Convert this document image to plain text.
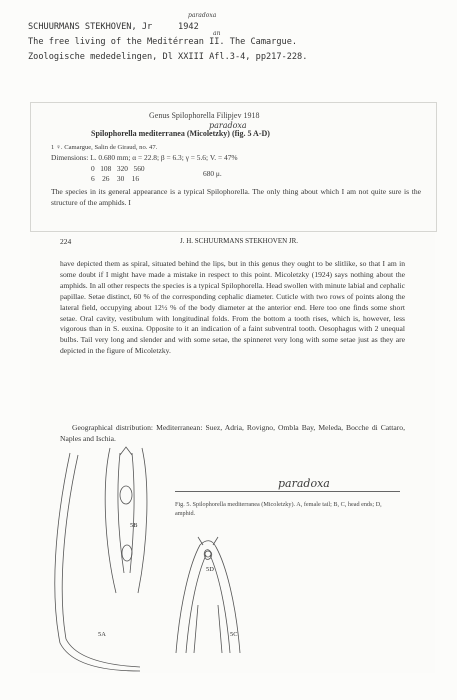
SCHUURMANS STEKHOVEN, Jr     1942
The free living of the Meditérrean II. The Camargue.
Zoologische mededelingen, Dl XXIII Afl.3-4, pp217-228.
paradoxa
an
Genus Spilophorella Filipjev 1918
paradoxa
Spilophorella mediterranea (Micoletzky) (fig. 5 A-D)
1 ♀. Camargue, Salin de Giraud, no. 47.
Dimensions: L. 0.680 mm; α = 22.8; β = 6.3; γ = 5.6; V. = 47%
0   108   320   560
6    26    30    16
680 μ.

The species in its general appearance is a typical Spilophorella. The only thing about which I am not quite sure is the structure of the amphids. I

224	J. H. SCHUURMANS STEKHOVEN JR.

have depicted them as spiral, situated behind the lips, but in this genus they ought to be slitlike, so that I am in some doubt if I might have made a mistake in respect to this point. Micoletzky (1924) says nothing about the amphids. In all other respects the species is a typical Spilophorella. Head swollen with minute labial and cephalic papillae. Setae distinct, 60 % of the corresponding cephalic diameter. Cuticle with two rows of points along the lateral field, occupying about 12½ % of the body diameter at the anterior end. Here too one finds some short setae. Oral cavity, vestibulum with longitudinal folds. From the bottom a tooth rises, which is, however, less vigorous than in S. euxina. Opposite to it an indication of a faint subventral tooth. Oesophagus with 2 unequal bulbs. Tail very long and slender and with some setae, the spinneret very long with some setae just as they are depicted in the figure of Micoletzky.

Geographical distribution: Mediterranean: Suez, Adria, Rovigno, Ombla Bay, Meleda, Bocche di Cattaro, Naples and Ischia.

paradoxa

Fig. 5. Spilophorella mediterranea (Micoletzky). A, female tail; B, C, head ends; D, amphid.

5A
5B
5C
5D
